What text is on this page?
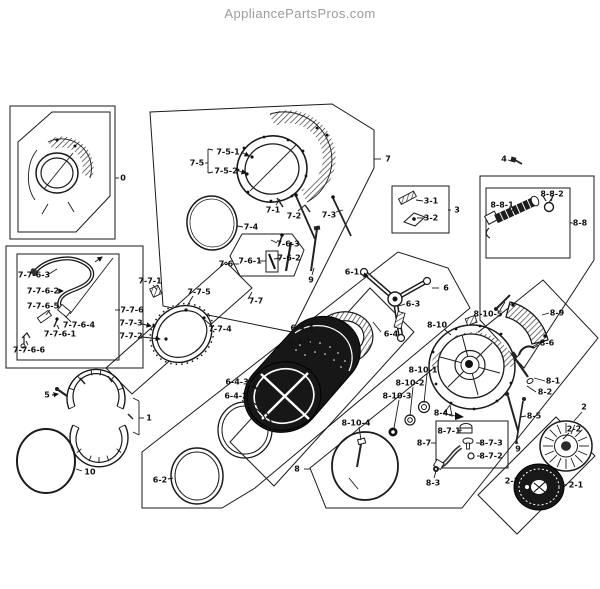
AppliancePartsPros.com
0
7-5
7-5-1
7-5-2
7
7-1
7-2	7-3
7-4
7-6-3
7-6-1 7-6-2
7-6
9
6-1
7-7-1
7-7-5
7-7
7-7-6
7-7-3
7-7-2
7-7-4
7-7-6-3
7-7-6-2
7-7-6-5
7-7-6-4
7-7-6-1
7-7-6-6
3-1
3-2
3
4
8-8-1
8-8-2
8-8
6
6-3
6-4
6-4-4
6-4-1
6-4-3
6-4-2
6-2
8
8-10
8-10-5	8-9
8-6
8-1
8-2
8-4	8-5
9
8-10-1
8-10-2
8-10-3
8-10-4
8-7-1
8-7	8-7-3
8-7-2
8-3
2
2-2
2-1
2-3
1
5
10
